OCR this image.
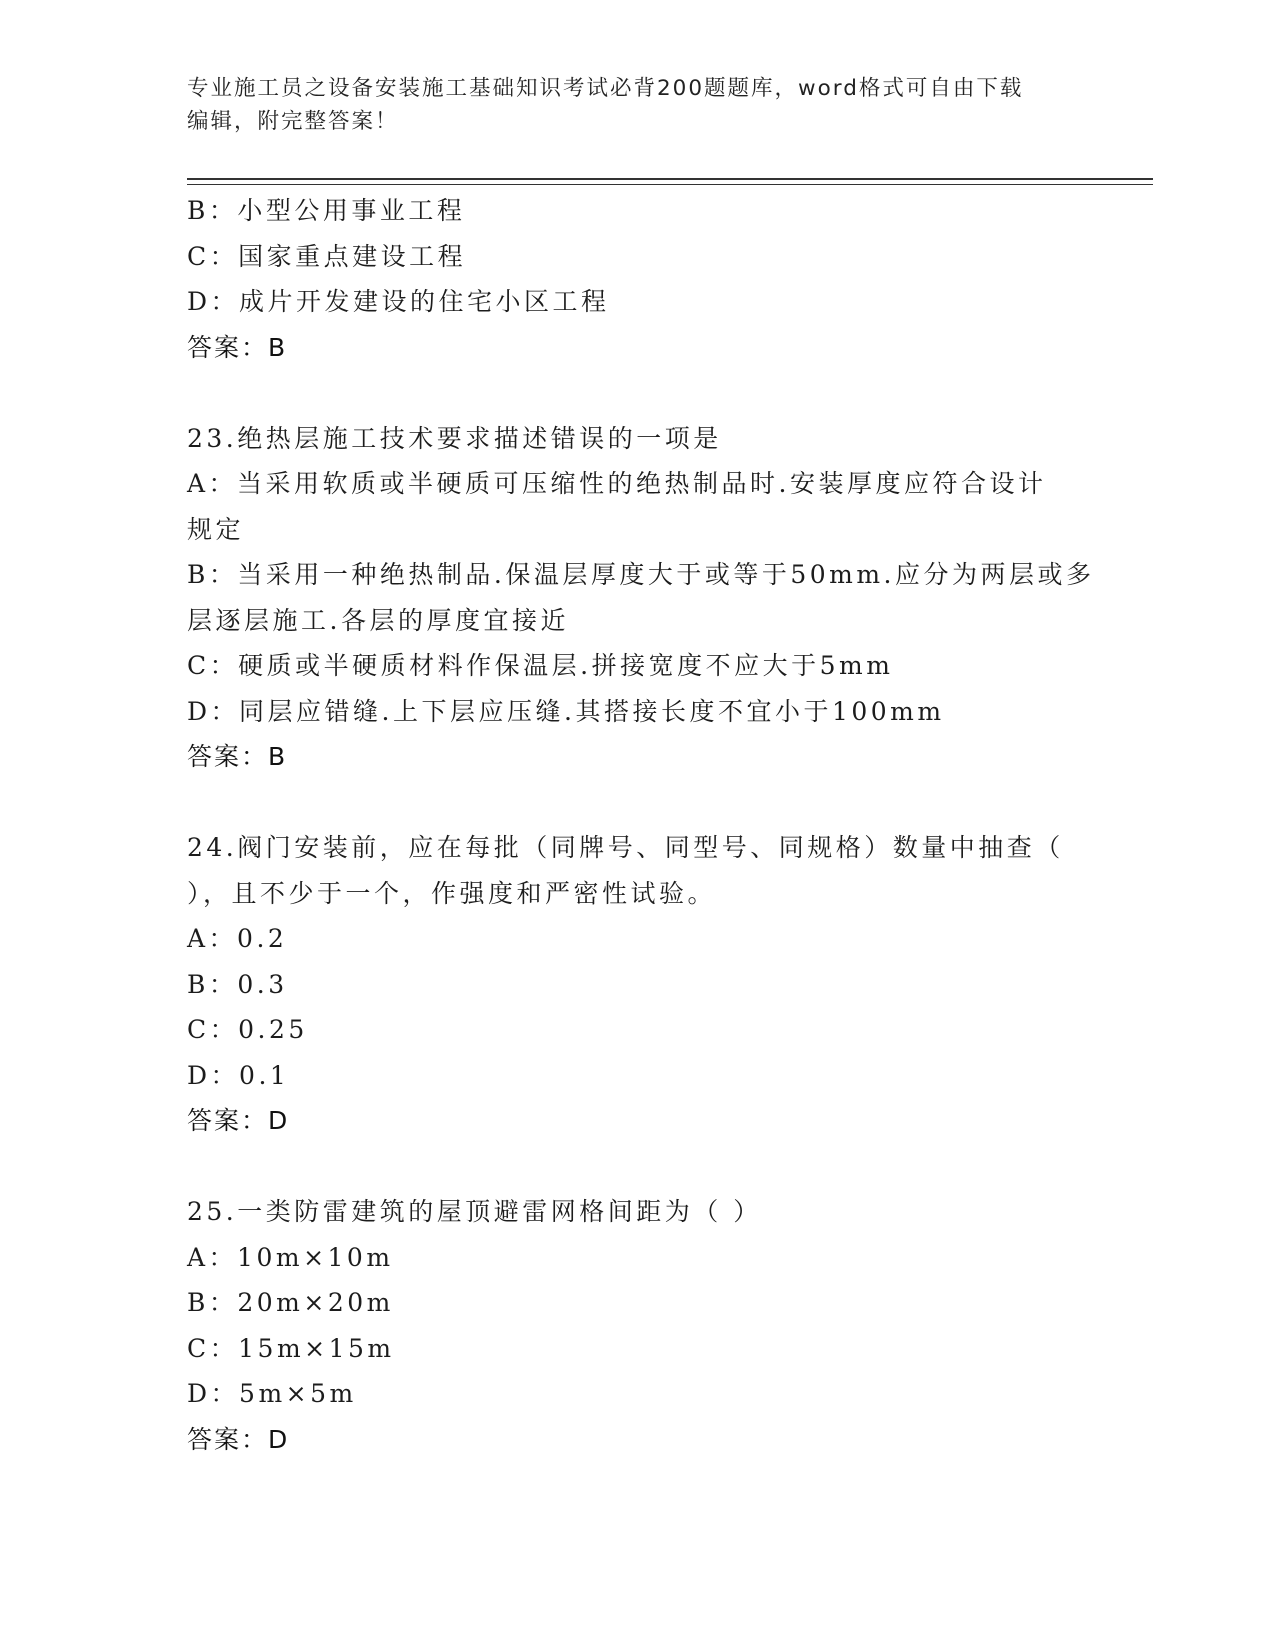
专业施工员之设备安装施工基础知识考试必背200题题库，word格式可自由下载
编辑，附完整答案！
B：小型公用事业工程
C：国家重点建设工程
D：成片开发建设的住宅小区工程
答案：B
23.绝热层施工技术要求描述错误的一项是
A：当采用软质或半硬质可压缩性的绝热制品时.安装厚度应符合设计
规定
B：当采用一种绝热制品.保温层厚度大于或等于50mm.应分为两层或多
层逐层施工.各层的厚度宜接近
C：硬质或半硬质材料作保温层.拼接宽度不应大于5mm
D：同层应错缝.上下层应压缝.其搭接长度不宜小于100mm
答案：B
24.阀门安装前，应在每批（同牌号、同型号、同规格）数量中抽查（
），且不少于一个，作强度和严密性试验。
A：0.2
B：0.3
C：0.25
D：0.1
答案：D
25.一类防雷建筑的屋顶避雷网格间距为（ ）
A：10m×10m
B：20m×20m
C：15m×15m
D：5m×5m
答案：D
